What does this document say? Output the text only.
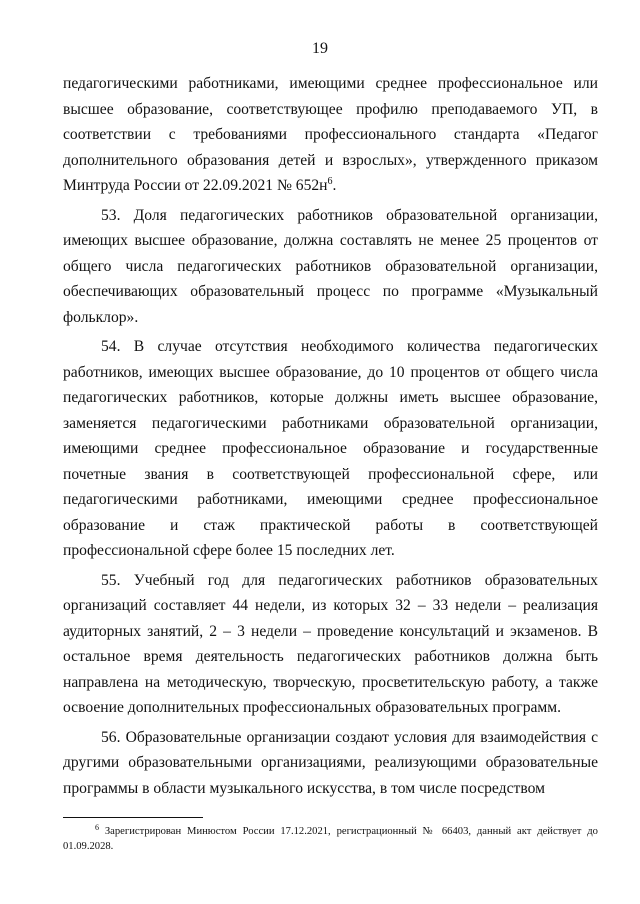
19

педагогическими работниками, имеющими среднее профессиональное или высшее образование, соответствующее профилю преподаваемого УП, в соответствии с требованиями профессионального стандарта «Педагог дополнительного образования детей и взрослых», утвержденного приказом Минтруда России от 22.09.2021 № $652н^6$.

53. Доля педагогических работников образовательной организации, имеющих высшее образование, должна составлять не менее 25 процентов от общего числа педагогических работников образовательной организации, обеспечивающих образовательный процесс по программе «Музыкальный фольклор».

54. В случае отсутствия необходимого количества педагогических работников, имеющих высшее образование, до 10 процентов от общего числа педагогических работников, которые должны иметь высшее образование, заменяется педагогическими работниками образовательной организации, имеющими среднее профессиональное образование и государственные почетные звания в соответствующей профессиональной сфере, или педагогическими работниками, имеющими среднее профессиональное образование и стаж практической работы в соответствующей профессиональной сфере более 15 последних лет.

55. Учебный год для педагогических работников образовательных организаций составляет 44 недели, из которых 32 – 33 недели – реализация аудиторных занятий, 2 – 3 недели – проведение консультаций и экзаменов. В остальное время деятельность педагогических работников должна быть направлена на методическую, творческую, просветительскую работу, а также освоение дополнительных профессиональных образовательных программ.

56. Образовательные организации создают условия для взаимодействия с другими образовательными организациями, реализующими образовательные программы в области музыкального искусства, в том числе посредством

$^6$ Зарегистрирован Минюстом России 17.12.2021, регистрационный № 66403, данный акт действует до 01.09.2028.
